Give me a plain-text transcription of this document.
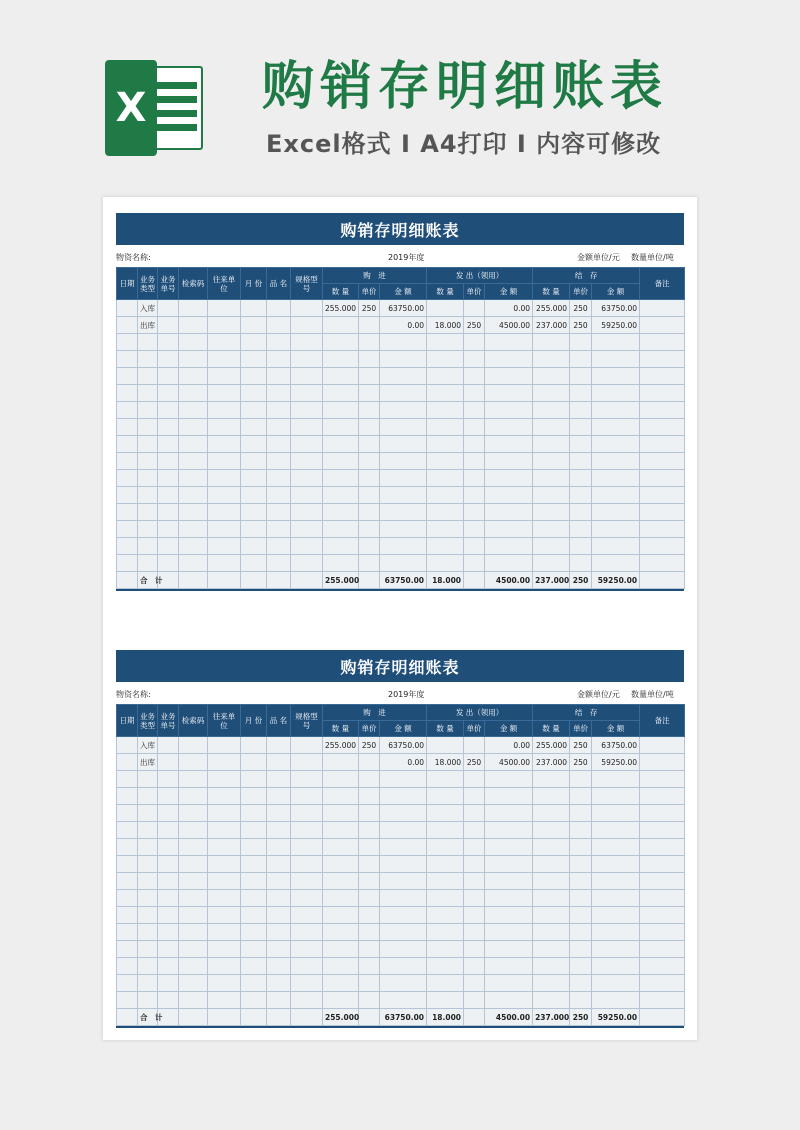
X 购销存明细账表
Excel格式 I A4打印 I 内容可修改
购销存明细账表
物资名称:	2019年度	金额单位/元 数量单位/吨
日期	业务类型	业务单号	检索码	往来单位	月 份	品 名	规格型号	购　进			发 出（领用）			结　存			备注
								数 量	单价	金 额	数 量	单价	金 额	数 量	单价	金 额	
	入库							255.000	250	63750.00			0.00	255.000	250	63750.00	
	出库									0.00	18.000	250	4500.00	237.000	250	59250.00	

	合　计							255.000		63750.00	18.000		4500.00	237.000	250	59250.00	
购销存明细账表
物资名称:	2019年度	金额单位/元 数量单位/吨
日期	业务类型	业务单号	检索码	往来单位	月 份	品 名	规格型号	购　进			发 出（领用）			结　存			备注
								数 量	单价	金 额	数 量	单价	金 额	数 量	单价	金 额	
	入库							255.000	250	63750.00			0.00	255.000	250	63750.00	
	出库									0.00	18.000	250	4500.00	237.000	250	59250.00	

	合　计							255.000		63750.00	18.000		4500.00	237.000	250	59250.00	
